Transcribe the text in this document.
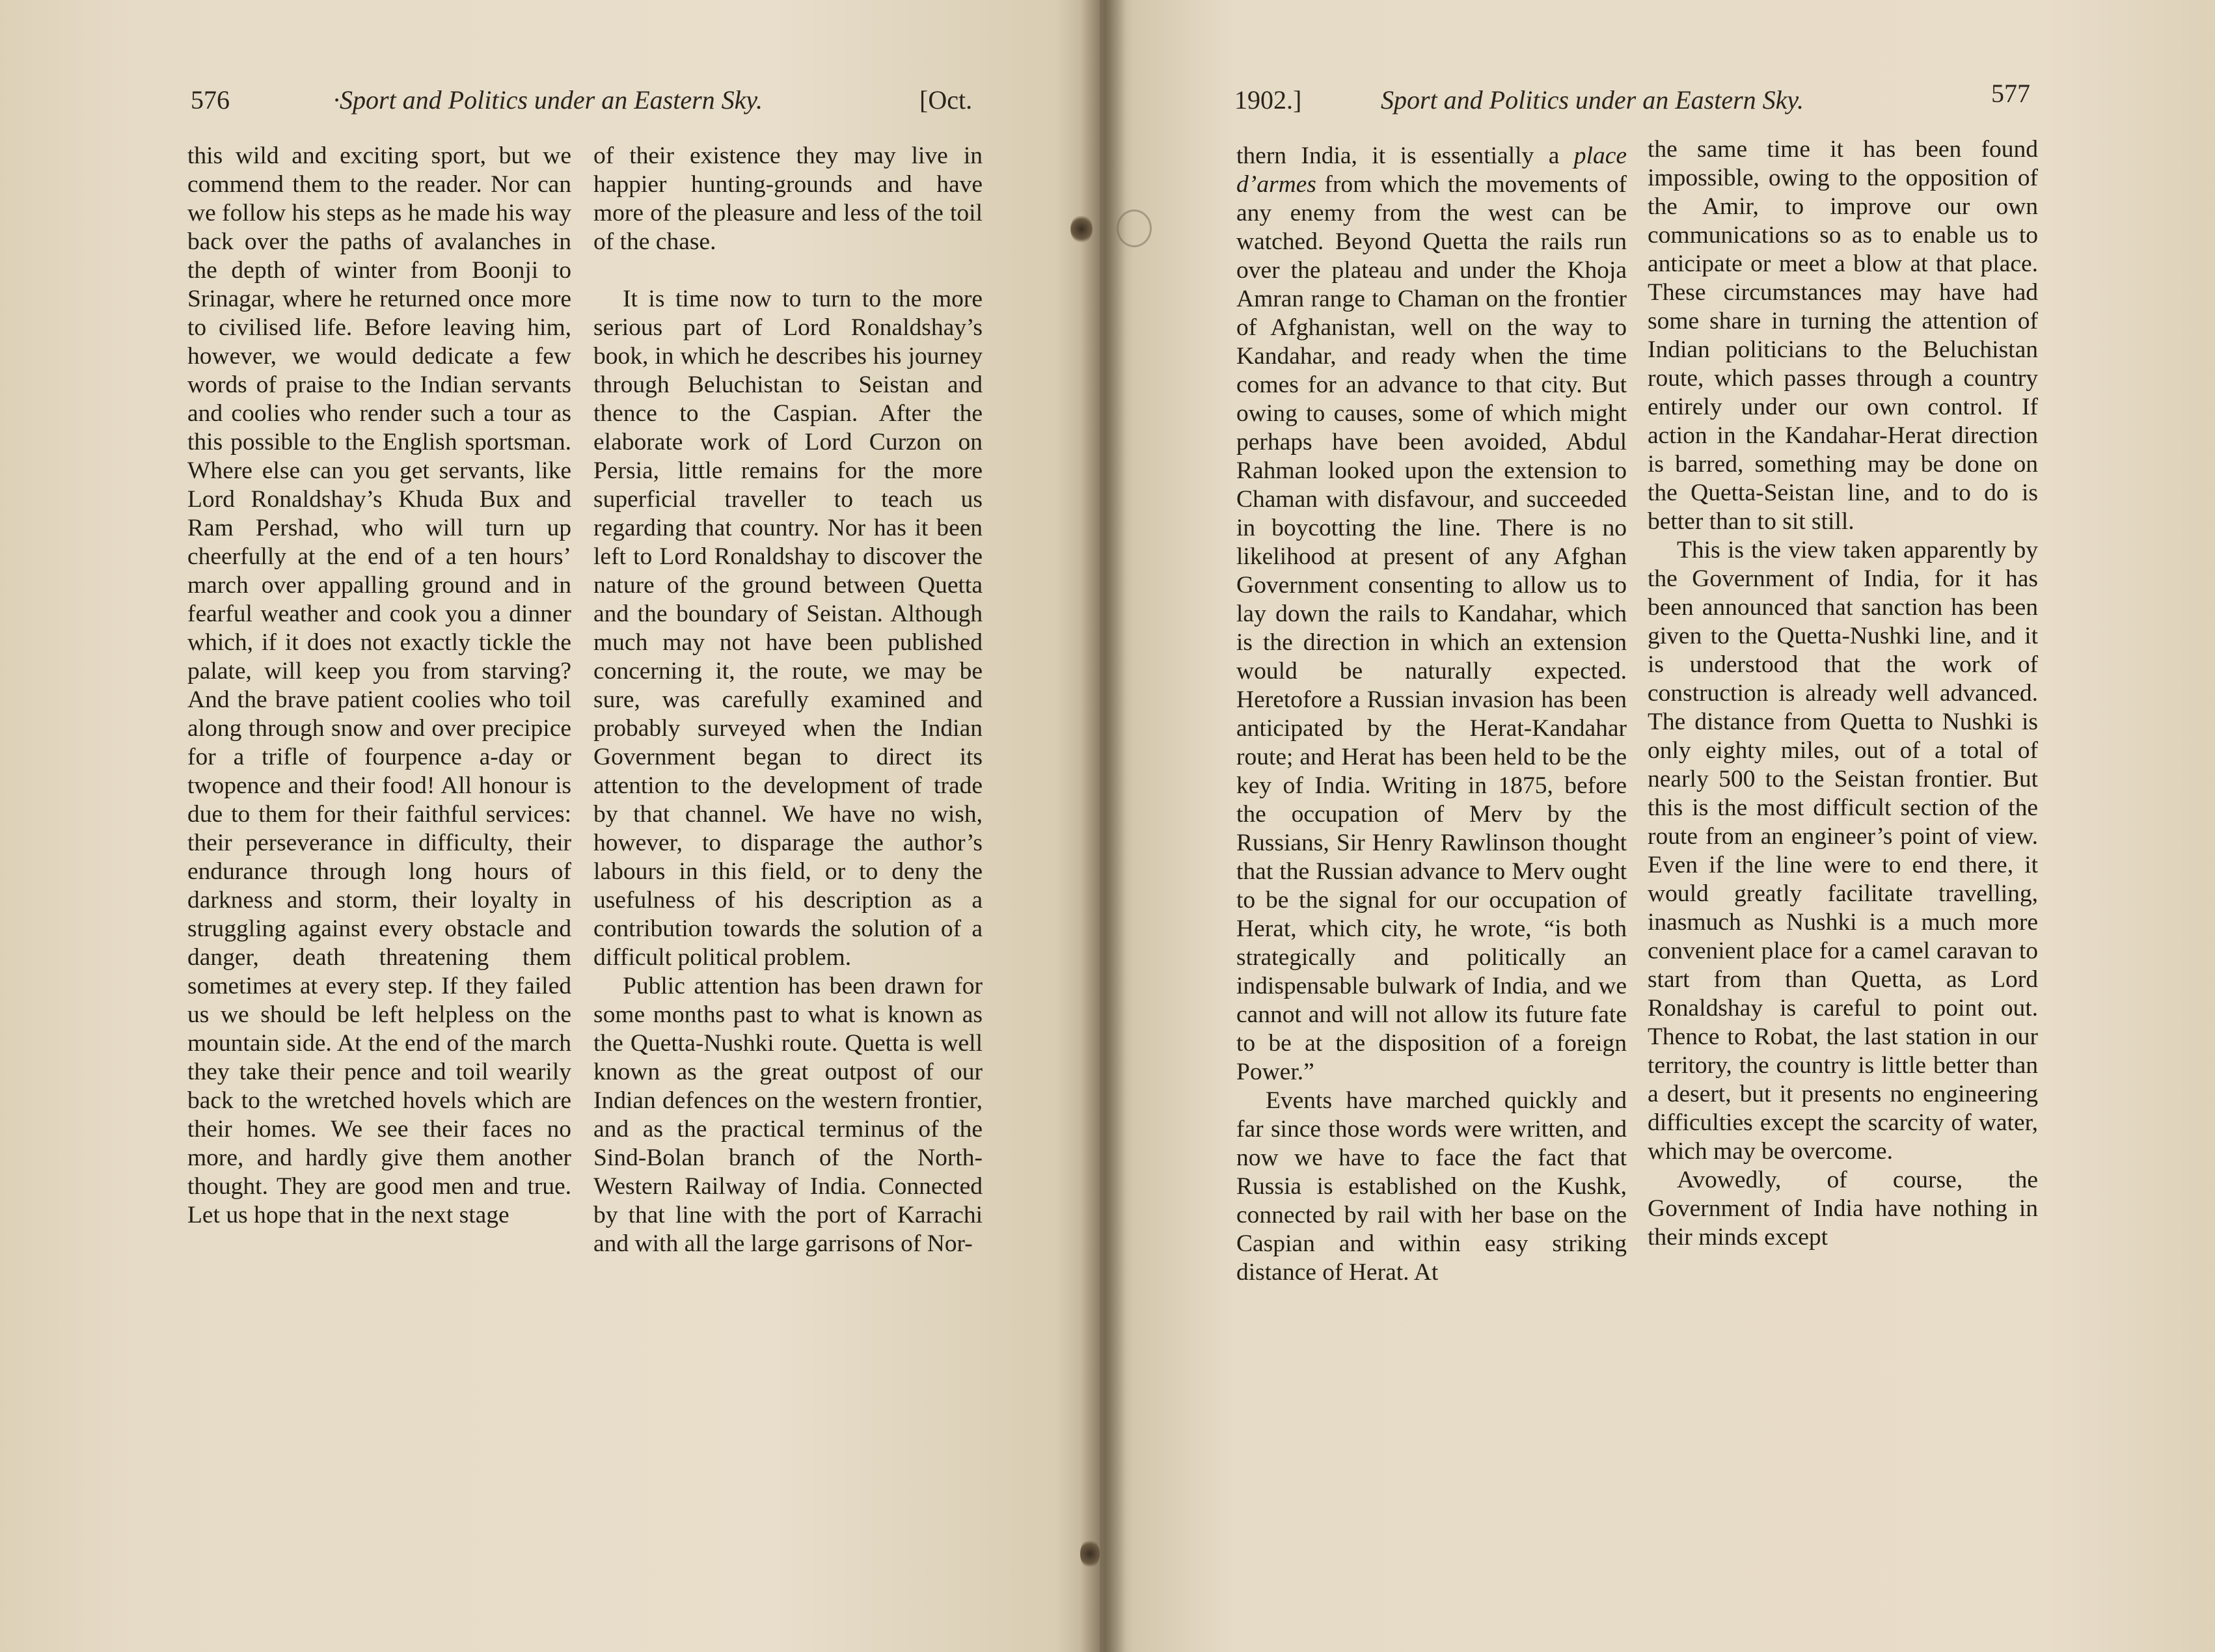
576	·Sport and Politics under an Eastern Sky.	[Oct.

this wild and exciting sport, but we commend them to the reader. Nor can we follow his steps as he made his way back over the paths of avalanches in the depth of winter from Boonji to Srinagar, where he returned once more to civilised life. Before leaving him, however, we would dedicate a few words of praise to the Indian servants and coolies who render such a tour as this possible to the English sportsman. Where else can you get servants, like Lord Ronaldshay’s Khuda Bux and Ram Pershad, who will turn up cheerfully at the end of a ten hours’ march over appalling ground and in fearful weather and cook you a dinner which, if it does not exactly tickle the palate, will keep you from starving? And the brave patient coolies who toil along through snow and over precipice for a trifle of fourpence a-day or twopence and their food! All honour is due to them for their faithful services: their perseverance in difficulty, their endurance through long hours of darkness and storm, their loyalty in struggling against every obstacle and danger, death threatening them sometimes at every step. If they failed us we should be left helpless on the mountain side. At the end of the march they take their pence and toil wearily back to the wretched hovels which are their homes. We see their faces no more, and hardly give them another thought. They are good men and true. Let us hope that in the next stage

of their existence they may live in happier hunting-grounds and have more of the pleasure and less of the toil of the chase.

It is time now to turn to the more serious part of Lord Ronaldshay’s book, in which he describes his journey through Beluchistan to Seistan and thence to the Caspian. After the elaborate work of Lord Curzon on Persia, little remains for the more superficial traveller to teach us regarding that country. Nor has it been left to Lord Ronaldshay to discover the nature of the ground between Quetta and the boundary of Seistan. Although much may not have been published concerning it, the route, we may be sure, was carefully examined and probably surveyed when the Indian Government began to direct its attention to the development of trade by that channel. We have no wish, however, to disparage the author’s labours in this field, or to deny the usefulness of his description as a contribution towards the solution of a difficult political problem.

Public attention has been drawn for some months past to what is known as the Quetta-Nushki route. Quetta is well known as the great outpost of our Indian defences on the western frontier, and as the practical terminus of the Sind-Bolan branch of the North-Western Railway of India. Connected by that line with the port of Karrachi and with all the large garrisons of Nor-

1902.]	Sport and Politics under an Eastern Sky.	577

thern India, it is essentially a place d’armes from which the movements of any enemy from the west can be watched. Beyond Quetta the rails run over the plateau and under the Khoja Amran range to Chaman on the frontier of Afghanistan, well on the way to Kandahar, and ready when the time comes for an advance to that city. But owing to causes, some of which might perhaps have been avoided, Abdul Rahman looked upon the extension to Chaman with disfavour, and succeeded in boycotting the line. There is no likelihood at present of any Afghan Government consenting to allow us to lay down the rails to Kandahar, which is the direction in which an extension would be naturally expected. Heretofore a Russian invasion has been anticipated by the Herat-Kandahar route; and Herat has been held to be the key of India. Writing in 1875, before the occupation of Merv by the Russians, Sir Henry Rawlinson thought that the Russian advance to Merv ought to be the signal for our occupation of Herat, which city, he wrote, “is both strategically and politically an indispensable bulwark of India, and we cannot and will not allow its future fate to be at the disposition of a foreign Power.”

Events have marched quickly and far since those words were written, and now we have to face the fact that Russia is established on the Kushk, connected by rail with her base on the Caspian and within easy striking distance of Herat. At

the same time it has been found impossible, owing to the opposition of the Amir, to improve our own communications so as to enable us to anticipate or meet a blow at that place. These circumstances may have had some share in turning the attention of Indian politicians to the Beluchistan route, which passes through a country entirely under our own control. If action in the Kandahar-Herat direction is barred, something may be done on the Quetta-Seistan line, and to do is better than to sit still.

This is the view taken apparently by the Government of India, for it has been announced that sanction has been given to the Quetta-Nushki line, and it is understood that the work of construction is already well advanced. The distance from Quetta to Nushki is only eighty miles, out of a total of nearly 500 to the Seistan frontier. But this is the most difficult section of the route from an engineer’s point of view. Even if the line were to end there, it would greatly facilitate travelling, inasmuch as Nushki is a much more convenient place for a camel caravan to start from than Quetta, as Lord Ronaldshay is careful to point out. Thence to Robat, the last station in our territory, the country is little better than a desert, but it presents no engineering difficulties except the scarcity of water, which may be overcome.

Avowedly, of course, the Government of India have nothing in their minds except
